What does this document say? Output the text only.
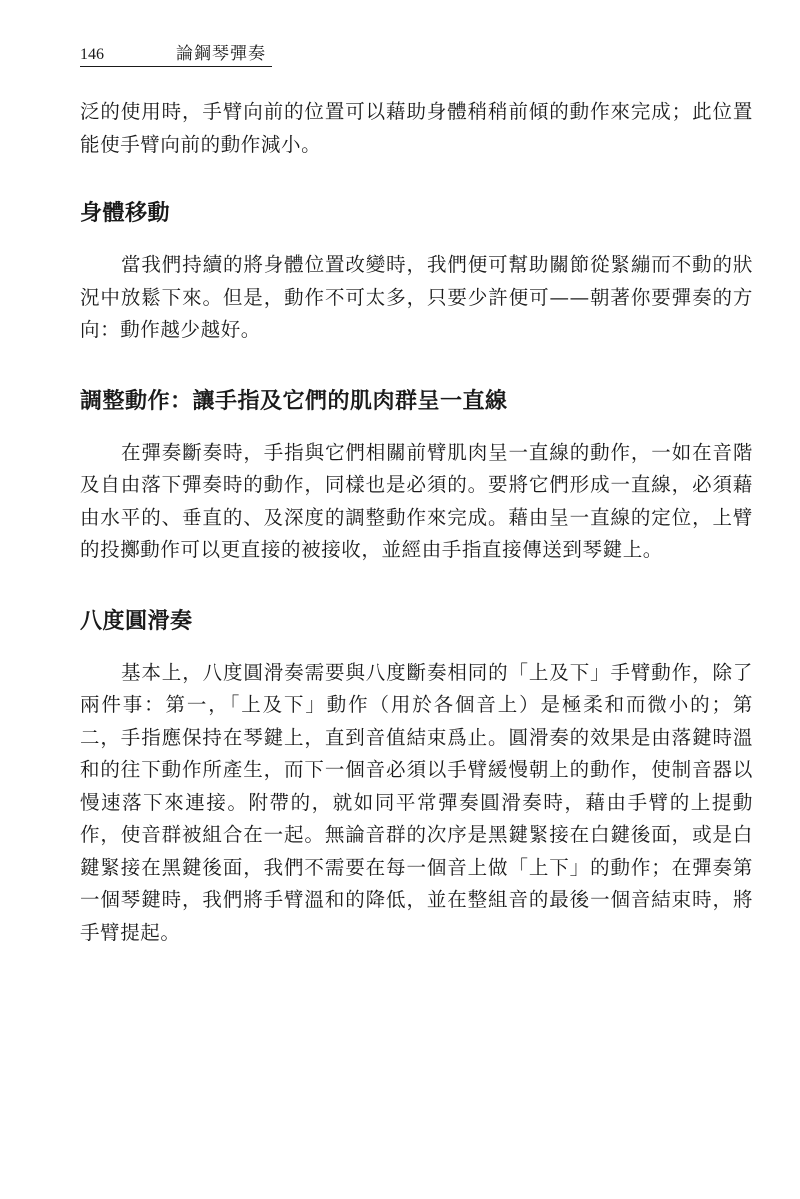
146	論鋼琴彈奏

泛的使用時，手臂向前的位置可以藉助身體稍稍前傾的動作來完成；此位置能使手臂向前的動作減小。

身體移動

當我們持續的將身體位置改變時，我們便可幫助關節從緊繃而不動的狀況中放鬆下來。但是，動作不可太多，只要少許便可——朝著你要彈奏的方向：動作越少越好。

調整動作：讓手指及它們的肌肉群呈一直線

在彈奏斷奏時，手指與它們相關前臂肌肉呈一直線的動作，一如在音階及自由落下彈奏時的動作，同樣也是必須的。要將它們形成一直線，必須藉由水平的、垂直的、及深度的調整動作來完成。藉由呈一直線的定位，上臂的投擲動作可以更直接的被接收，並經由手指直接傳送到琴鍵上。

八度圓滑奏

基本上，八度圓滑奏需要與八度斷奏相同的「上及下」手臂動作，除了兩件事：第一，「上及下」動作（用於各個音上）是極柔和而微小的；第二，手指應保持在琴鍵上，直到音值結束爲止。圓滑奏的效果是由落鍵時溫和的往下動作所產生，而下一個音必須以手臂緩慢朝上的動作，使制音器以慢速落下來連接。附帶的，就如同平常彈奏圓滑奏時，藉由手臂的上提動作，使音群被組合在一起。無論音群的次序是黑鍵緊接在白鍵後面，或是白鍵緊接在黑鍵後面，我們不需要在每一個音上做「上下」的動作；在彈奏第一個琴鍵時，我們將手臂溫和的降低，並在整組音的最後一個音結束時，將手臂提起。
